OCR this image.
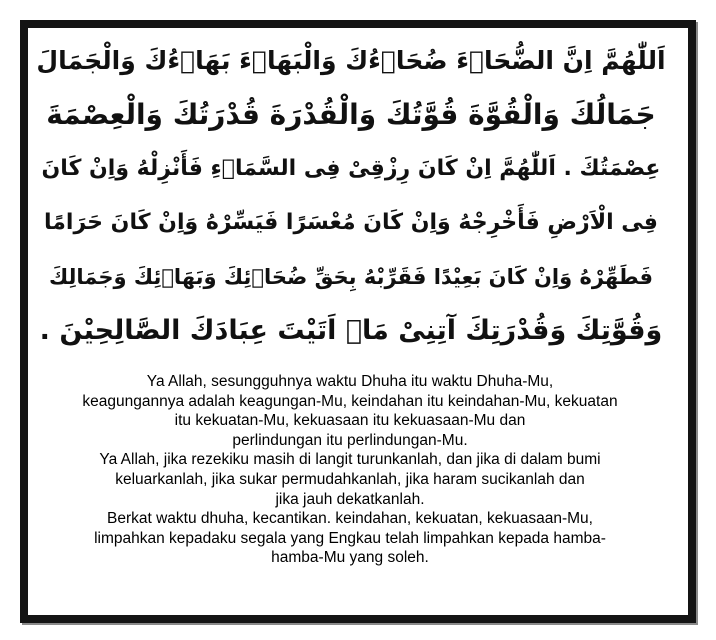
اَللّٰهُمَّ اِنَّ الضُّحَاۤءَ ضُحَاۤءُكَ وَالْبَهَاۤءَ بَهَاۤءُكَ وَالْجَمَالَ
جَمَالُكَ وَالْقُوَّةَ قُوَّتُكَ وَالْقُدْرَةَ قُدْرَتُكَ وَالْعِصْمَةَ
عِصْمَتُكَ . اَللّٰهُمَّ اِنْ كَانَ رِزْقِىْ فِى السَّمَاۤءِ فَأَنْزِلْهُ وَاِنْ كَانَ
فِى الْاَرْضِ فَأَخْرِجْهُ وَاِنْ كَانَ مُعْسَرًا فَيَسِّرْهُ وَاِنْ كَانَ حَرَامًا
فَطَهِّرْهُ وَاِنْ كَانَ بَعِيْدًا فَقَرِّبْهُ بِحَقِّ ضُحَاۤئِكَ وَبَهَاۤئِكَ وَجَمَالِكَ
وَقُوَّتِكَ وَقُدْرَتِكَ آتِنِىْ مَاۤ اَتَيْتَ عِبَادَكَ الصَّالِحِيْنَ .
Ya Allah, sesungguhnya waktu Dhuha itu waktu Dhuha-Mu,
keagungannya adalah keagungan-Mu, keindahan itu keindahan-Mu, kekuatan
itu kekuatan-Mu, kekuasaan itu kekuasaan-Mu dan
perlindungan itu perlindungan-Mu.
Ya Allah, jika rezekiku masih di langit turunkanlah, dan jika di dalam bumi
keluarkanlah, jika sukar permudahkanlah, jika haram sucikanlah dan
jika jauh dekatkanlah.
Berkat waktu dhuha, kecantikan. keindahan, kekuatan, kekuasaan-Mu,
limpahkan kepadaku segala yang Engkau telah limpahkan kepada hamba-
hamba-Mu yang soleh.
